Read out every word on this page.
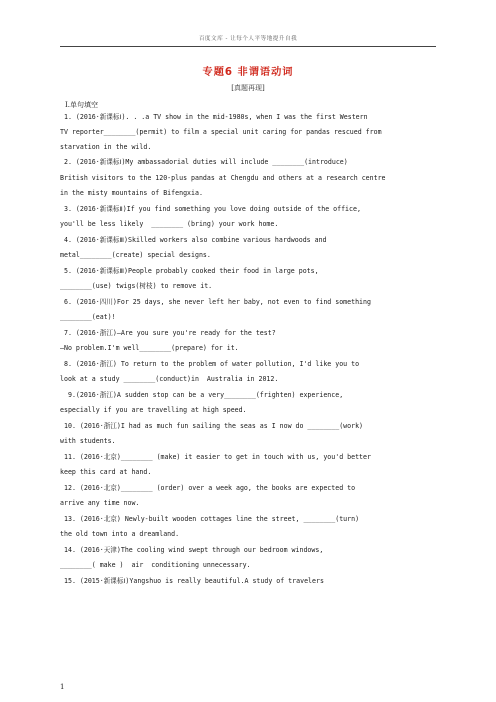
百度文库 - 让每个人平等地提升自我
专题6 非谓语动词
[真题再现]
Ⅰ.单句填空
1. (2016·新课标Ⅰ). . .a TV show in the mid-1980s, when I was the first Western
TV reporter________(permit) to film a special unit caring for pandas rescued from
starvation in the wild.
2. (2016·新课标Ⅰ)My ambassadorial duties will include ________(introduce)
British visitors to the 120-plus pandas at Chengdu and others at a research centre
in the misty mountains of Bifengxia.
3. (2016·新课标Ⅱ)If you find something you love doing outside of the office,
you'll be less likely  ________ (bring) your work home.
4. (2016·新课标Ⅲ)Skilled workers also combine various hardwoods and
metal________(create) special designs.
5. (2016·新课标Ⅲ)People probably cooked their food in large pots,
________(use) twigs(树枝) to remove it.
6. (2016·四川)For 25 days, she never left her baby, not even to find something
________(eat)!
7. (2016·浙江)—Are you sure you're ready for the test?
—No problem.I'm well________(prepare) for it.
8. (2016·浙江) To return to the problem of water pollution, I'd like you to
look at a study ________(conduct)in  Australia in 2012.
9.(2016·浙江)A sudden stop can be a very________(frighten) experience,
especially if you are travelling at high speed.
10. (2016·浙江)I had as much fun sailing the seas as I now do ________(work)
with students.
11. (2016·北京)________ (make) it easier to get in touch with us, you'd better
keep this card at hand.
12. (2016·北京)________ (order) over a week ago, the books are expected to
arrive any time now.
13. (2016·北京) Newly-built wooden cottages line the street, ________(turn)
the old town into a dreamland.
14. (2016·天津)The cooling wind swept through our bedroom windows,
________( make )  air  conditioning unnecessary.
15. (2015·新课标Ⅰ)Yangshuo is really beautiful.A study of travelers
1
